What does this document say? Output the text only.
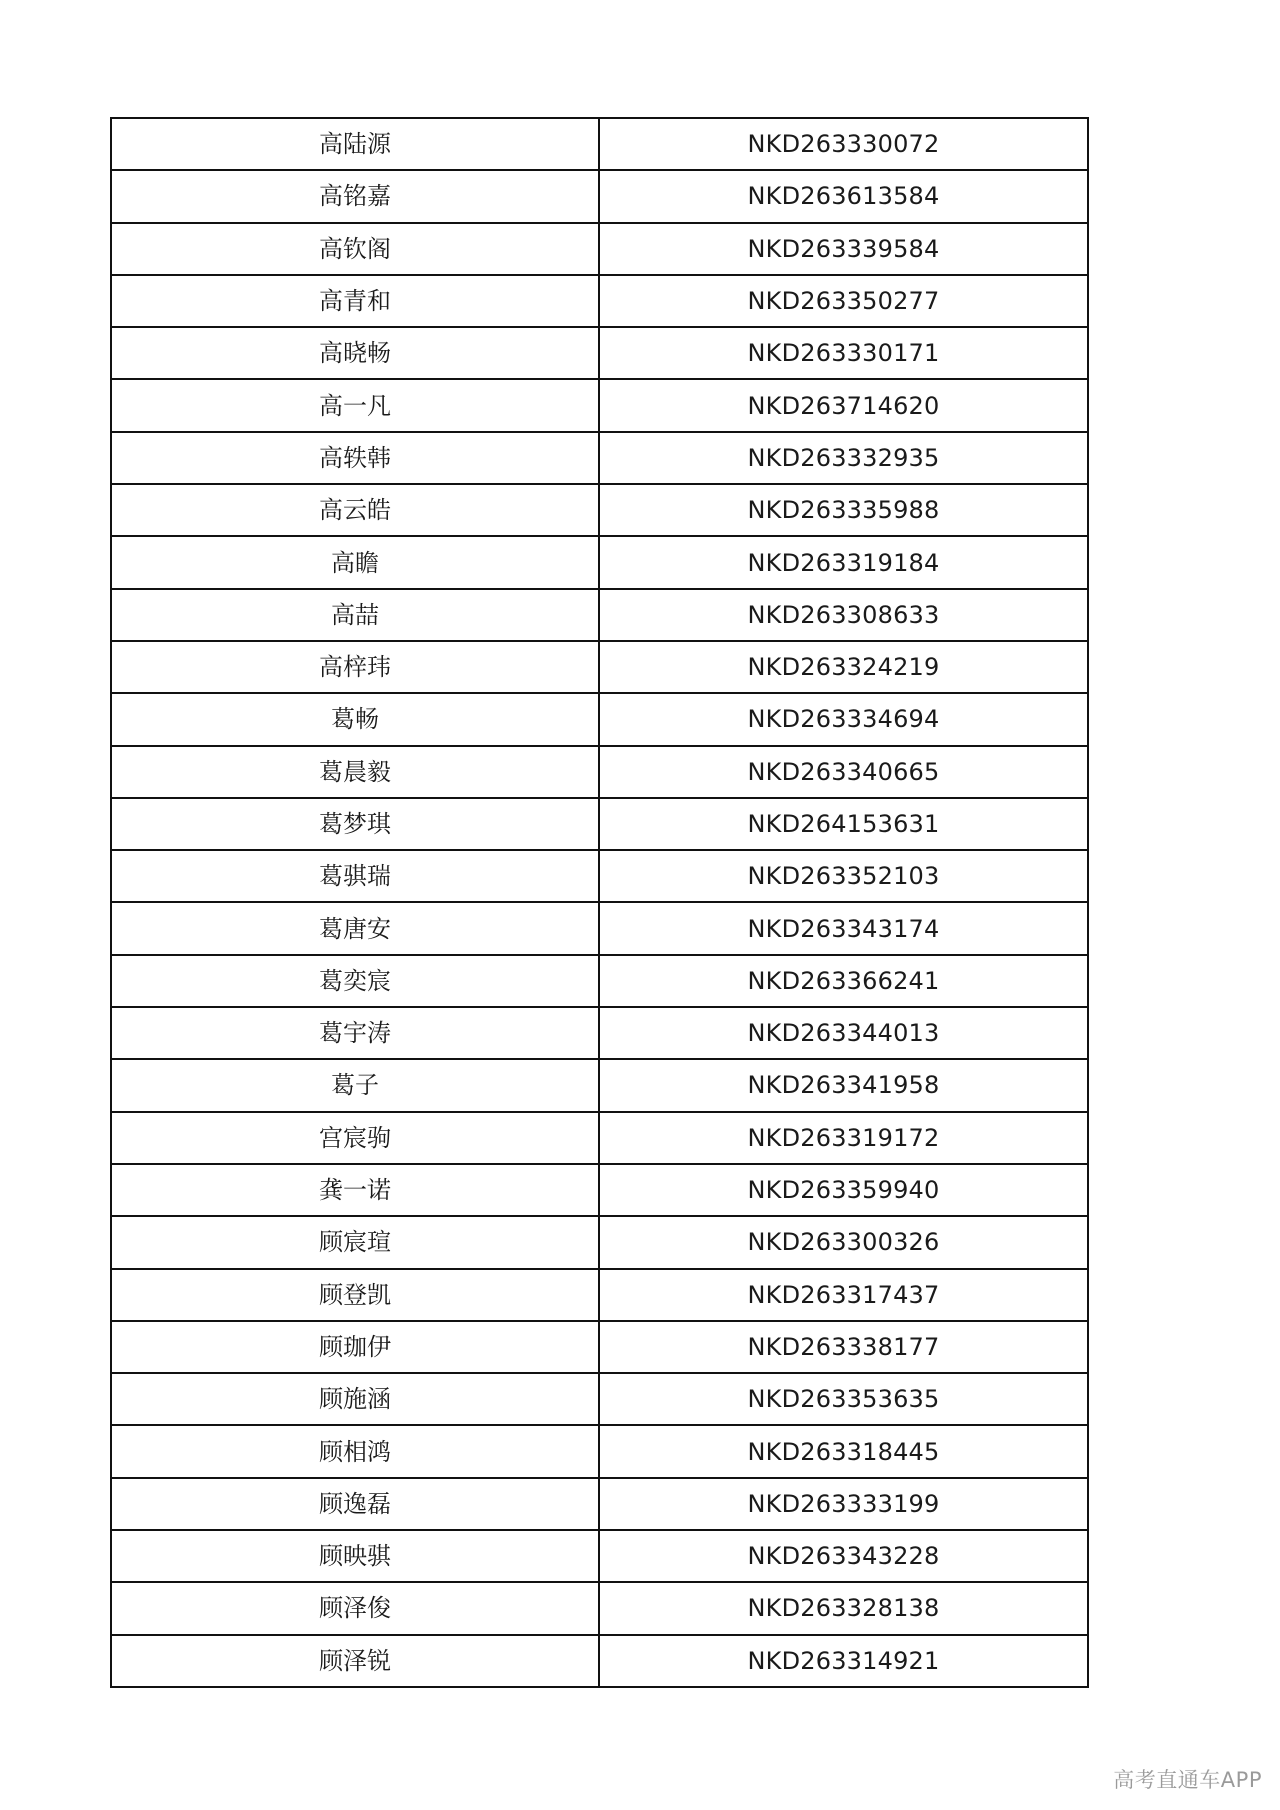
高陆源	NKD263330072
高铭嘉	NKD263613584
高钦阁	NKD263339584
高青和	NKD263350277
高晓畅	NKD263330171
高一凡	NKD263714620
高轶韩	NKD263332935
高云皓	NKD263335988
高瞻	NKD263319184
高喆	NKD263308633
高梓玮	NKD263324219
葛畅	NKD263334694
葛晨毅	NKD263340665
葛梦琪	NKD264153631
葛骐瑞	NKD263352103
葛唐安	NKD263343174
葛奕宸	NKD263366241
葛宇涛	NKD263344013
葛子	NKD263341958
宫宸驹	NKD263319172
龚一诺	NKD263359940
顾宸瑄	NKD263300326
顾登凯	NKD263317437
顾珈伊	NKD263338177
顾施涵	NKD263353635
顾相鸿	NKD263318445
顾逸磊	NKD263333199
顾映骐	NKD263343228
顾泽俊	NKD263328138
顾泽锐	NKD263314921
高考直通车APP
